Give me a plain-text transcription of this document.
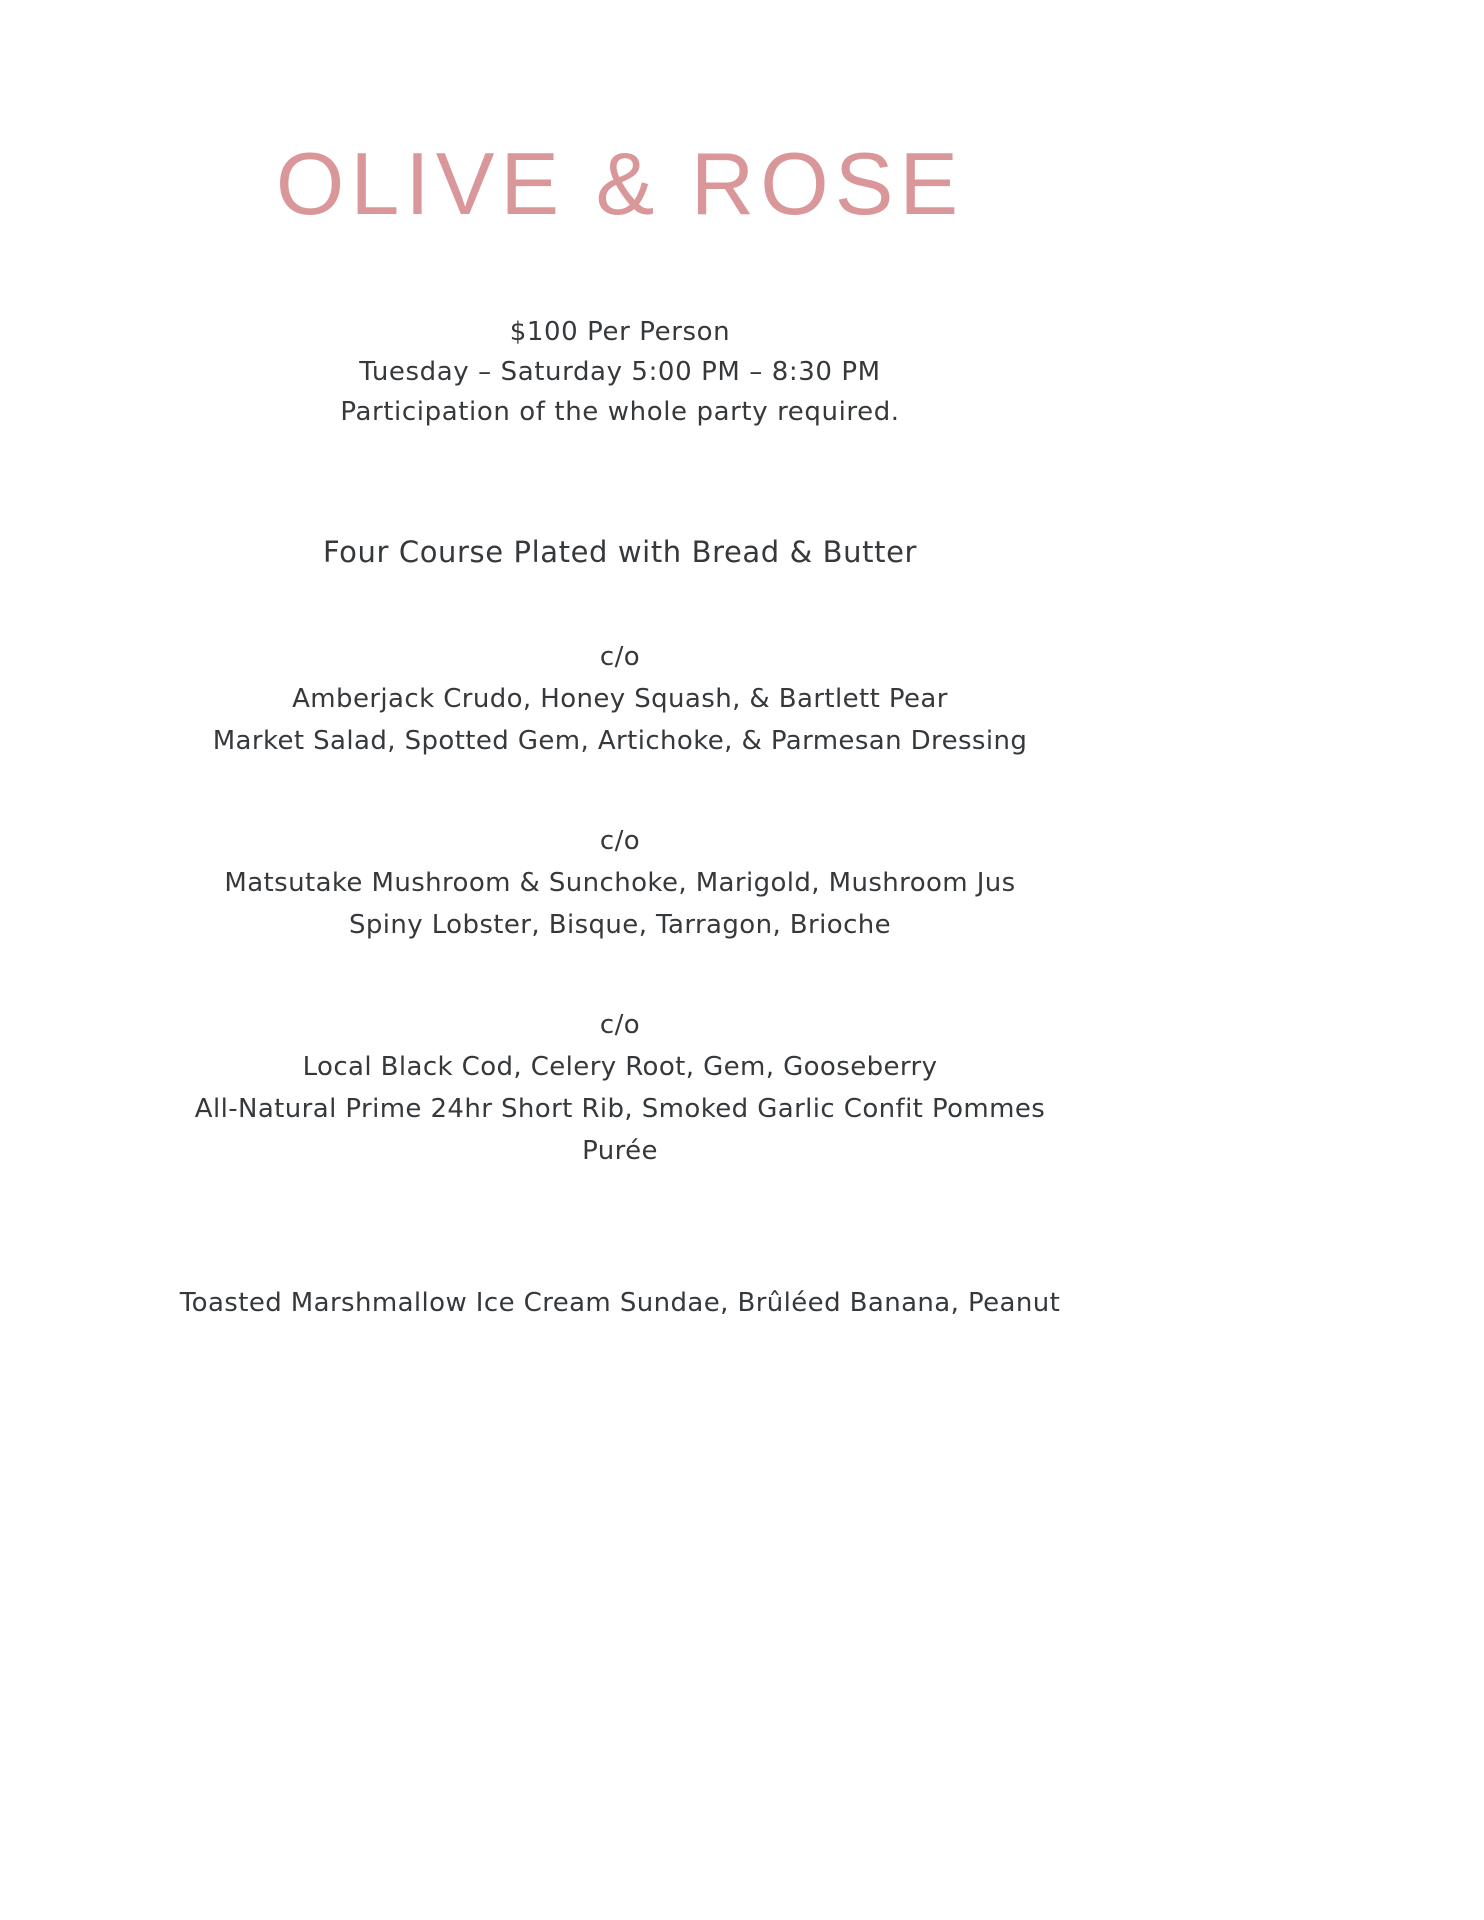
OLIVE & ROSE

$100 Per Person

Tuesday – Saturday 5:00 PM – 8:30 PM

Participation of the whole party required.

Four Course Plated with Bread & Butter

c/o

Amberjack Crudo, Honey Squash, & Bartlett Pear

Market Salad, Spotted Gem, Artichoke, & Parmesan Dressing

c/o

Matsutake Mushroom & Sunchoke, Marigold, Mushroom Jus

Spiny Lobster, Bisque, Tarragon, Brioche

c/o

Local Black Cod, Celery Root, Gem, Gooseberry

All-Natural Prime 24hr Short Rib, Smoked Garlic Confit Pommes Purée

Toasted Marshmallow Ice Cream Sundae, Brûléed Banana, Peanut
